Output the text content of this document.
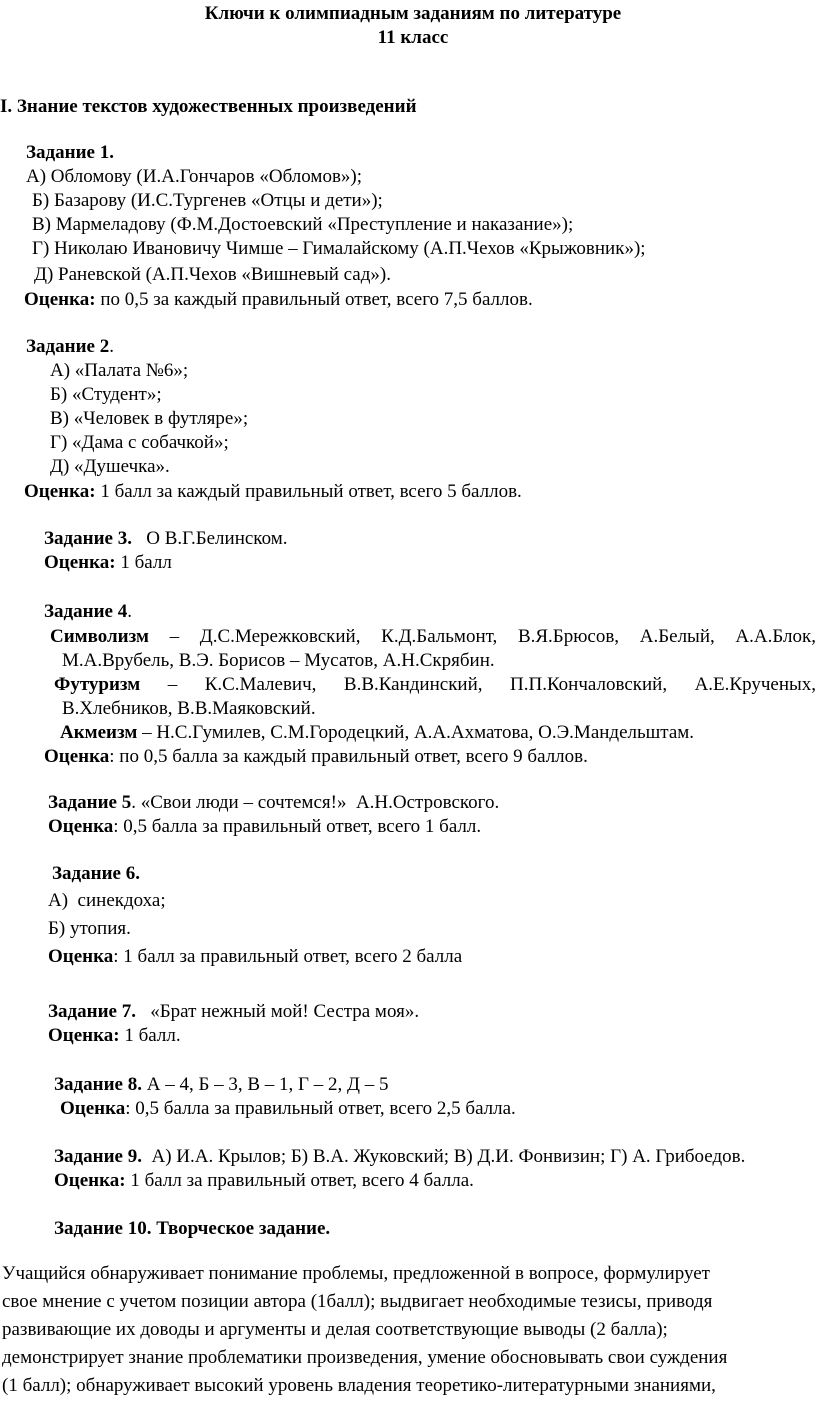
Ключи к олимпиадным заданиям по литературе
11 класс
I. Знание текстов художественных произведений
Задание 1.
А) Обломову (И.А.Гончаров «Обломов»);
Б) Базарову (И.С.Тургенев «Отцы и дети»);
В) Мармеладову (Ф.М.Достоевский «Преступление и наказание»);
Г) Николаю Ивановичу Чимше – Гималайскому (А.П.Чехов «Крыжовник»);
Д) Раневской (А.П.Чехов «Вишневый сад»).
Оценка: по 0,5 за каждый правильный ответ, всего 7,5 баллов.
Задание 2.
А) «Палата №6»;
Б) «Студент»;
В) «Человек в футляре»;
Г) «Дама с собачкой»;
Д) «Душечка».
Оценка: 1 балл за каждый правильный ответ, всего 5 баллов.
Задание 3.   О В.Г.Белинском.
Оценка: 1 балл
Задание 4.
Символизм – Д.С.Мережковский, К.Д.Бальмонт, В.Я.Брюсов, А.Белый, А.А.Блок,
М.А.Врубель, В.Э. Борисов – Мусатов, А.Н.Скрябин.
Футуризм – К.С.Малевич, В.В.Кандинский, П.П.Кончаловский, А.Е.Крученых,
В.Хлебников, В.В.Маяковский.
Акмеизм – Н.С.Гумилев, С.М.Городецкий, А.А.Ахматова, О.Э.Мандельштам.
Оценка: по 0,5 балла за каждый правильный ответ, всего 9 баллов.
Задание 5. «Свои люди – сочтемся!»  А.Н.Островского.
Оценка: 0,5 балла за правильный ответ, всего 1 балл.
Задание 6.
А)  синекдоха;
Б) утопия.
Оценка: 1 балл за правильный ответ, всего 2 балла
Задание 7.   «Брат нежный мой! Сестра моя».
Оценка: 1 балл.
Задание 8. А – 4, Б – 3, В – 1, Г – 2, Д – 5
Оценка: 0,5 балла за правильный ответ, всего 2,5 балла.
Задание 9.  А) И.А. Крылов; Б) В.А. Жуковский; В) Д.И. Фонвизин; Г) А. Грибоедов.
Оценка: 1 балл за правильный ответ, всего 4 балла.
Задание 10. Творческое задание.
Учащийся обнаруживает понимание проблемы, предложенной в вопросе, формулирует
свое мнение с учетом позиции автора (1балл); выдвигает необходимые тезисы, приводя
развивающие их доводы и аргументы и делая соответствующие выводы (2 балла);
демонстрирует знание проблематики произведения, умение обосновывать свои суждения
(1 балл); обнаруживает высокий уровень владения теоретико-литературными знаниями,
